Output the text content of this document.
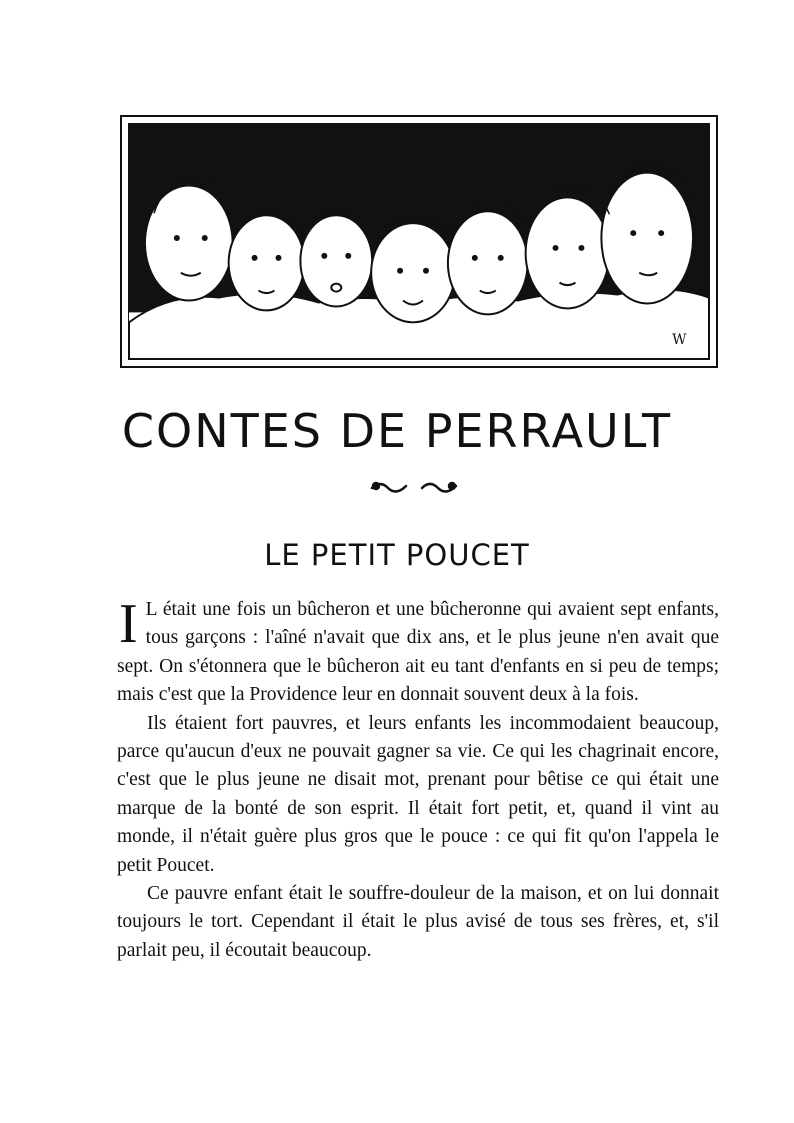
W
CONTES DE PERRAULT
LE PETIT POUCET

I L était une fois un bûcheron et une bûcheronne qui avaient sept enfants, tous garçons : l'aîné n'avait que dix ans, et le plus jeune n'en avait que sept. On s'étonnera que le bûcheron ait eu tant d'enfants en si peu de temps; mais c'est que la Providence leur en donnait souvent deux à la fois.

Ils étaient fort pauvres, et leurs enfants les incommodaient beaucoup, parce qu'aucun d'eux ne pouvait gagner sa vie. Ce qui les chagrinait encore, c'est que le plus jeune ne disait mot, prenant pour bêtise ce qui était une marque de la bonté de son esprit. Il était fort petit, et, quand il vint au monde, il n'était guère plus gros que le pouce : ce qui fit qu'on l'appela le petit Poucet.

Ce pauvre enfant était le souffre-douleur de la maison, et on lui donnait toujours le tort. Cependant il était le plus avisé de tous ses frères, et, s'il parlait peu, il écoutait beaucoup.
